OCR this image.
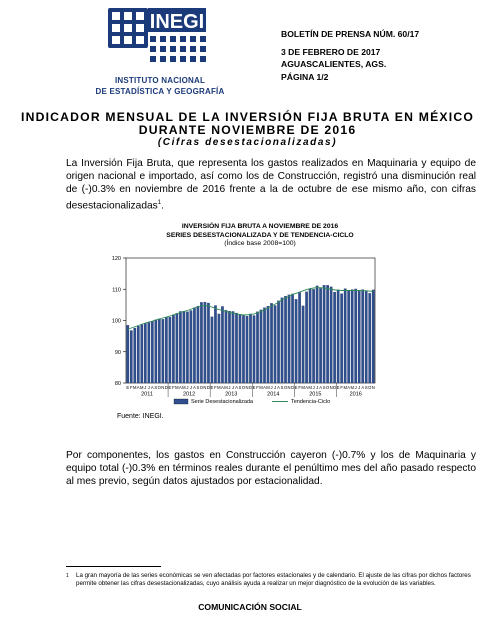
INEGI
INSTITUTO NACIONAL
DE ESTADÍSTICA Y GEOGRAFÍA
BOLETÍN DE PRENSA NÚM. 60/17
3 DE FEBRERO DE 2017
AGUASCALIENTES, AGS.
PÁGINA 1/2
INDICADOR MENSUAL DE LA INVERSIÓN FIJA BRUTA EN MÉXICO DURANTE NOVIEMBRE DE 2016
(Cifras desestacionalizadas)
La Inversión Fija Bruta, que representa los gastos realizados en Maquinaria y equipo de origen nacional e importado, así como los de Construcción, registró una disminución real de (-)0.3% en noviembre de 2016 frente a la de octubre de ese mismo año, con cifras desestacionalizadas$^1$.
INVERSIÓN FIJA BRUTA A NOVIEMBRE DE 2016
SERIES DESESTACIONALIZADA Y DE TENDENCIA-CICLO
(Índice base 2008=100)
80
90
100
110
120
E F M A M J J A S O N D E F M A M J J A S O N D E F M A M J J A S O N D E F M A M J J A S O N D E F M A M J J A S O N D E F M A M J J A S O N
2011	2012	2013	2014	2015	2016
Serie Desestacionalizada	Tendencia-Ciclo
Fuente: INEGI.
Por componentes, los gastos en Construcción cayeron (-)0.7% y los de Maquinaria y equipo total (-)0.3% en términos reales durante el penúltimo mes del año pasado respecto al mes previo, según datos ajustados por estacionalidad.
1 La gran mayoría de las series económicas se ven afectadas por factores estacionales y de calendario. El ajuste de las cifras por dichos factores permite obtener las cifras desestacionalizadas, cuyo análisis ayuda a realizar un mejor diagnóstico de la evolución de las variables.
COMUNICACIÓN SOCIAL
